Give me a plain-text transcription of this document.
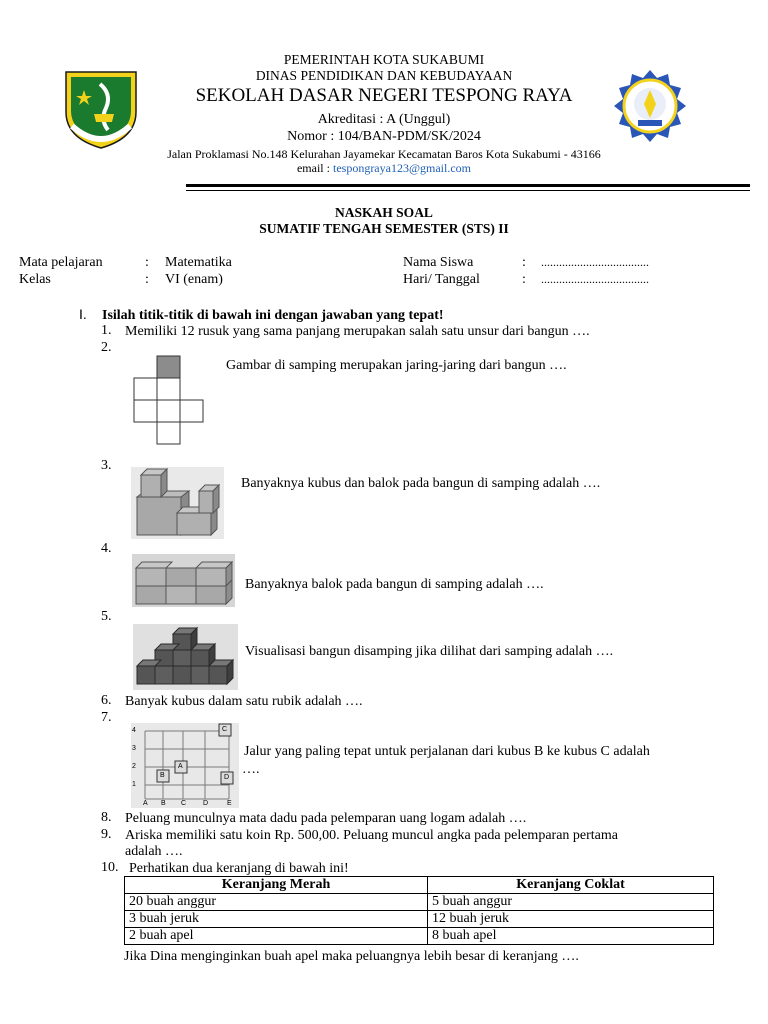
PEMERINTAH KOTA SUKABUMI
DINAS PENDIDIKAN DAN KEBUDAYAAN
SEKOLAH DASAR NEGERI TESPONG RAYA
Akreditasi : A (Unggul)
Nomor : 104/BAN-PDM/SK/2024
Jalan Proklamasi No.148 Kelurahan Jayamekar Kecamatan Baros Kota Sukabumi - 43166
email : tespongraya123@gmail.com
NASKAH SOAL
SUMATIF TENGAH SEMESTER (STS) II
Mata pelajaran	: Matematika
Kelas	: VI (enam)
Nama Siswa	: ....................................
Hari/ Tanggal	: ....................................
I. Isilah titik-titik di bawah ini dengan jawaban yang tepat!
1. Memiliki 12 rusuk yang sama panjang merupakan salah satu unsur dari bangun ….
2.
Gambar di samping merupakan jaring-jaring dari bangun ….
3.
Banyaknya kubus dan balok pada bangun di samping adalah ….
4.
Banyaknya balok pada bangun di samping adalah ….
5.
Visualisasi bangun disamping jika dilihat dari samping adalah ….
6. Banyak kubus dalam satu rubik adalah ….
7.
4
3
2
1
A B C D	E
C
A
B	D
Jalur yang paling tepat untuk perjalanan dari kubus B ke kubus C adalah
….
8. Peluang munculnya mata dadu pada pelemparan uang logam adalah ….
9. Ariska memiliki satu koin Rp. 500,00. Peluang muncul angka pada pelemparan pertama
adalah ….
10. Perhatikan dua keranjang di bawah ini!
Keranjang Merah	Keranjang Coklat
20 buah anggur	5 buah anggur
3 buah jeruk	12 buah jeruk
2 buah apel	8 buah apel
Jika Dina menginginkan buah apel maka peluangnya lebih besar di keranjang ….
